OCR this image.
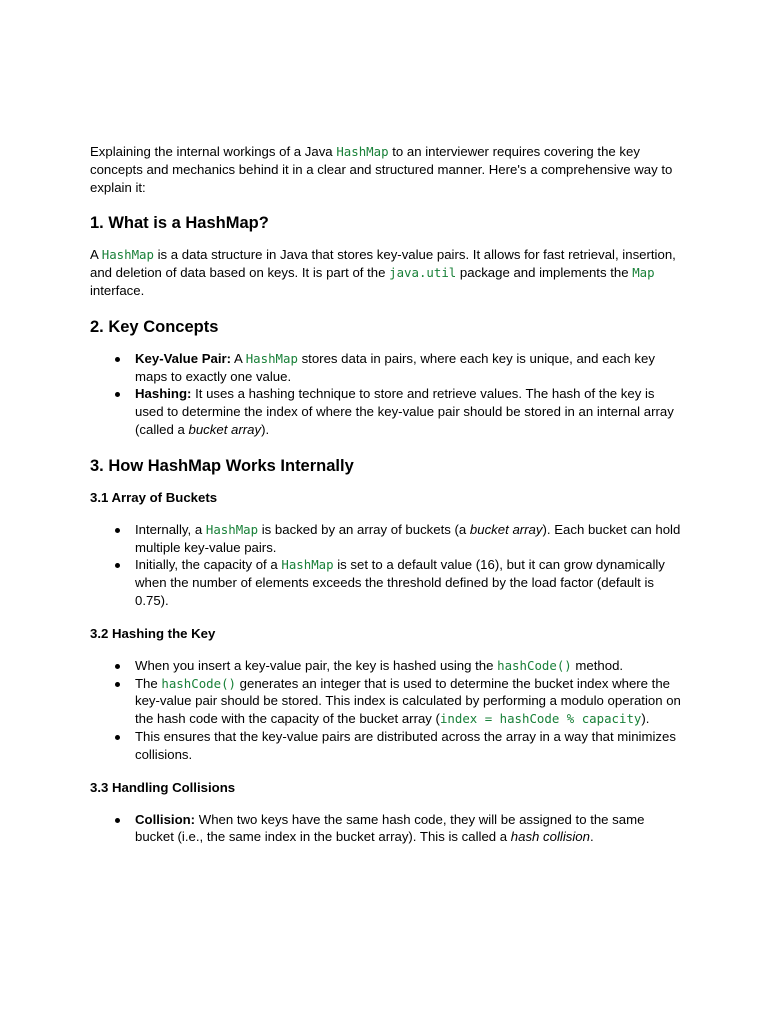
Explaining the internal workings of a Java HashMap to an interviewer requires covering the key concepts and mechanics behind it in a clear and structured manner. Here's a comprehensive way to explain it:

1. What is a HashMap?

A HashMap is a data structure in Java that stores key-value pairs. It allows for fast retrieval, insertion, and deletion of data based on keys. It is part of the java.util package and implements the Map interface.

2. Key Concepts
Key-Value Pair: A HashMap stores data in pairs, where each key is unique, and each key maps to exactly one value.
Hashing: It uses a hashing technique to store and retrieve values. The hash of the key is used to determine the index of where the key-value pair should be stored in an internal array (called a bucket array).
3. How HashMap Works Internally
3.1 Array of Buckets
Internally, a HashMap is backed by an array of buckets (a bucket array). Each bucket can hold multiple key-value pairs.
Initially, the capacity of a HashMap is set to a default value (16), but it can grow dynamically when the number of elements exceeds the threshold defined by the load factor (default is 0.75).
3.2 Hashing the Key
When you insert a key-value pair, the key is hashed using the hashCode() method.
The hashCode() generates an integer that is used to determine the bucket index where the key-value pair should be stored. This index is calculated by performing a modulo operation on the hash code with the capacity of the bucket array (index = hashCode % capacity).
This ensures that the key-value pairs are distributed across the array in a way that minimizes collisions.
3.3 Handling Collisions
Collision: When two keys have the same hash code, they will be assigned to the same bucket (i.e., the same index in the bucket array). This is called a hash collision.
